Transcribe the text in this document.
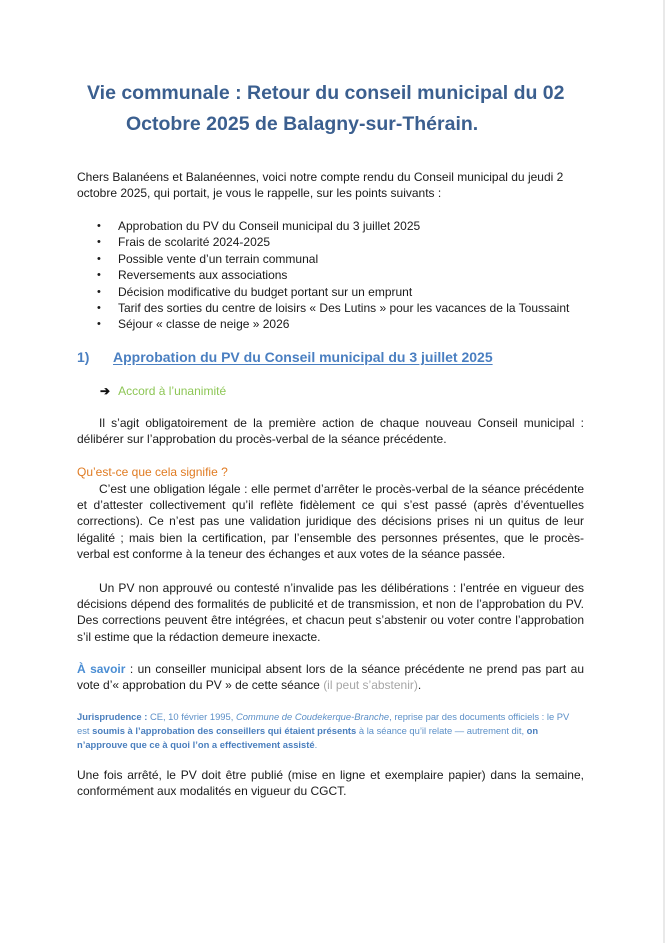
Vie communale : Retour du conseil municipal du 02
Octobre 2025 de Balagny-sur-Thérain.
Chers Balanéens et Balanéennes, voici notre compte rendu du Conseil municipal du jeudi 2 octobre 2025, qui portait, je vous le rappelle, sur les points suivants :
• Approbation du PV du Conseil municipal du 3 juillet 2025
• Frais de scolarité 2024-2025
• Possible vente d’un terrain communal
• Reversements aux associations
• Décision modificative du budget portant sur un emprunt
• Tarif des sorties du centre de loisirs « Des Lutins » pour les vacances de la Toussaint
• Séjour « classe de neige » 2026
1) Approbation du PV du Conseil municipal du 3 juillet 2025
➔ Accord à l’unanimité
Il s’agit obligatoirement de la première action de chaque nouveau Conseil municipal : délibérer sur l’approbation du procès-verbal de la séance précédente.
Qu’est-ce que cela signifie ?
C’est une obligation légale : elle permet d’arrêter le procès-verbal de la séance précédente et d’attester collectivement qu’il reflète fidèlement ce qui s’est passé (après d’éventuelles corrections). Ce n’est pas une validation juridique des décisions prises ni un quitus de leur légalité ; mais bien la certification, par l’ensemble des personnes présentes, que le procès-verbal est conforme à la teneur des échanges et aux votes de la séance passée.
Un PV non approuvé ou contesté n’invalide pas les délibérations : l’entrée en vigueur des décisions dépend des formalités de publicité et de transmission, et non de l’approbation du PV. Des corrections peuvent être intégrées, et chacun peut s’abstenir ou voter contre l’approbation s’il estime que la rédaction demeure inexacte.
À savoir : un conseiller municipal absent lors de la séance précédente ne prend pas part au vote d’« approbation du PV » de cette séance (il peut s’abstenir).
Jurisprudence : CE, 10 février 1995, Commune de Coudekerque-Branche, reprise par des documents officiels : le PV est soumis à l’approbation des conseillers qui étaient présents à la séance qu’il relate — autrement dit, on n’approuve que ce à quoi l’on a effectivement assisté.
Une fois arrêté, le PV doit être publié (mise en ligne et exemplaire papier) dans la semaine, conformément aux modalités en vigueur du CGCT.
